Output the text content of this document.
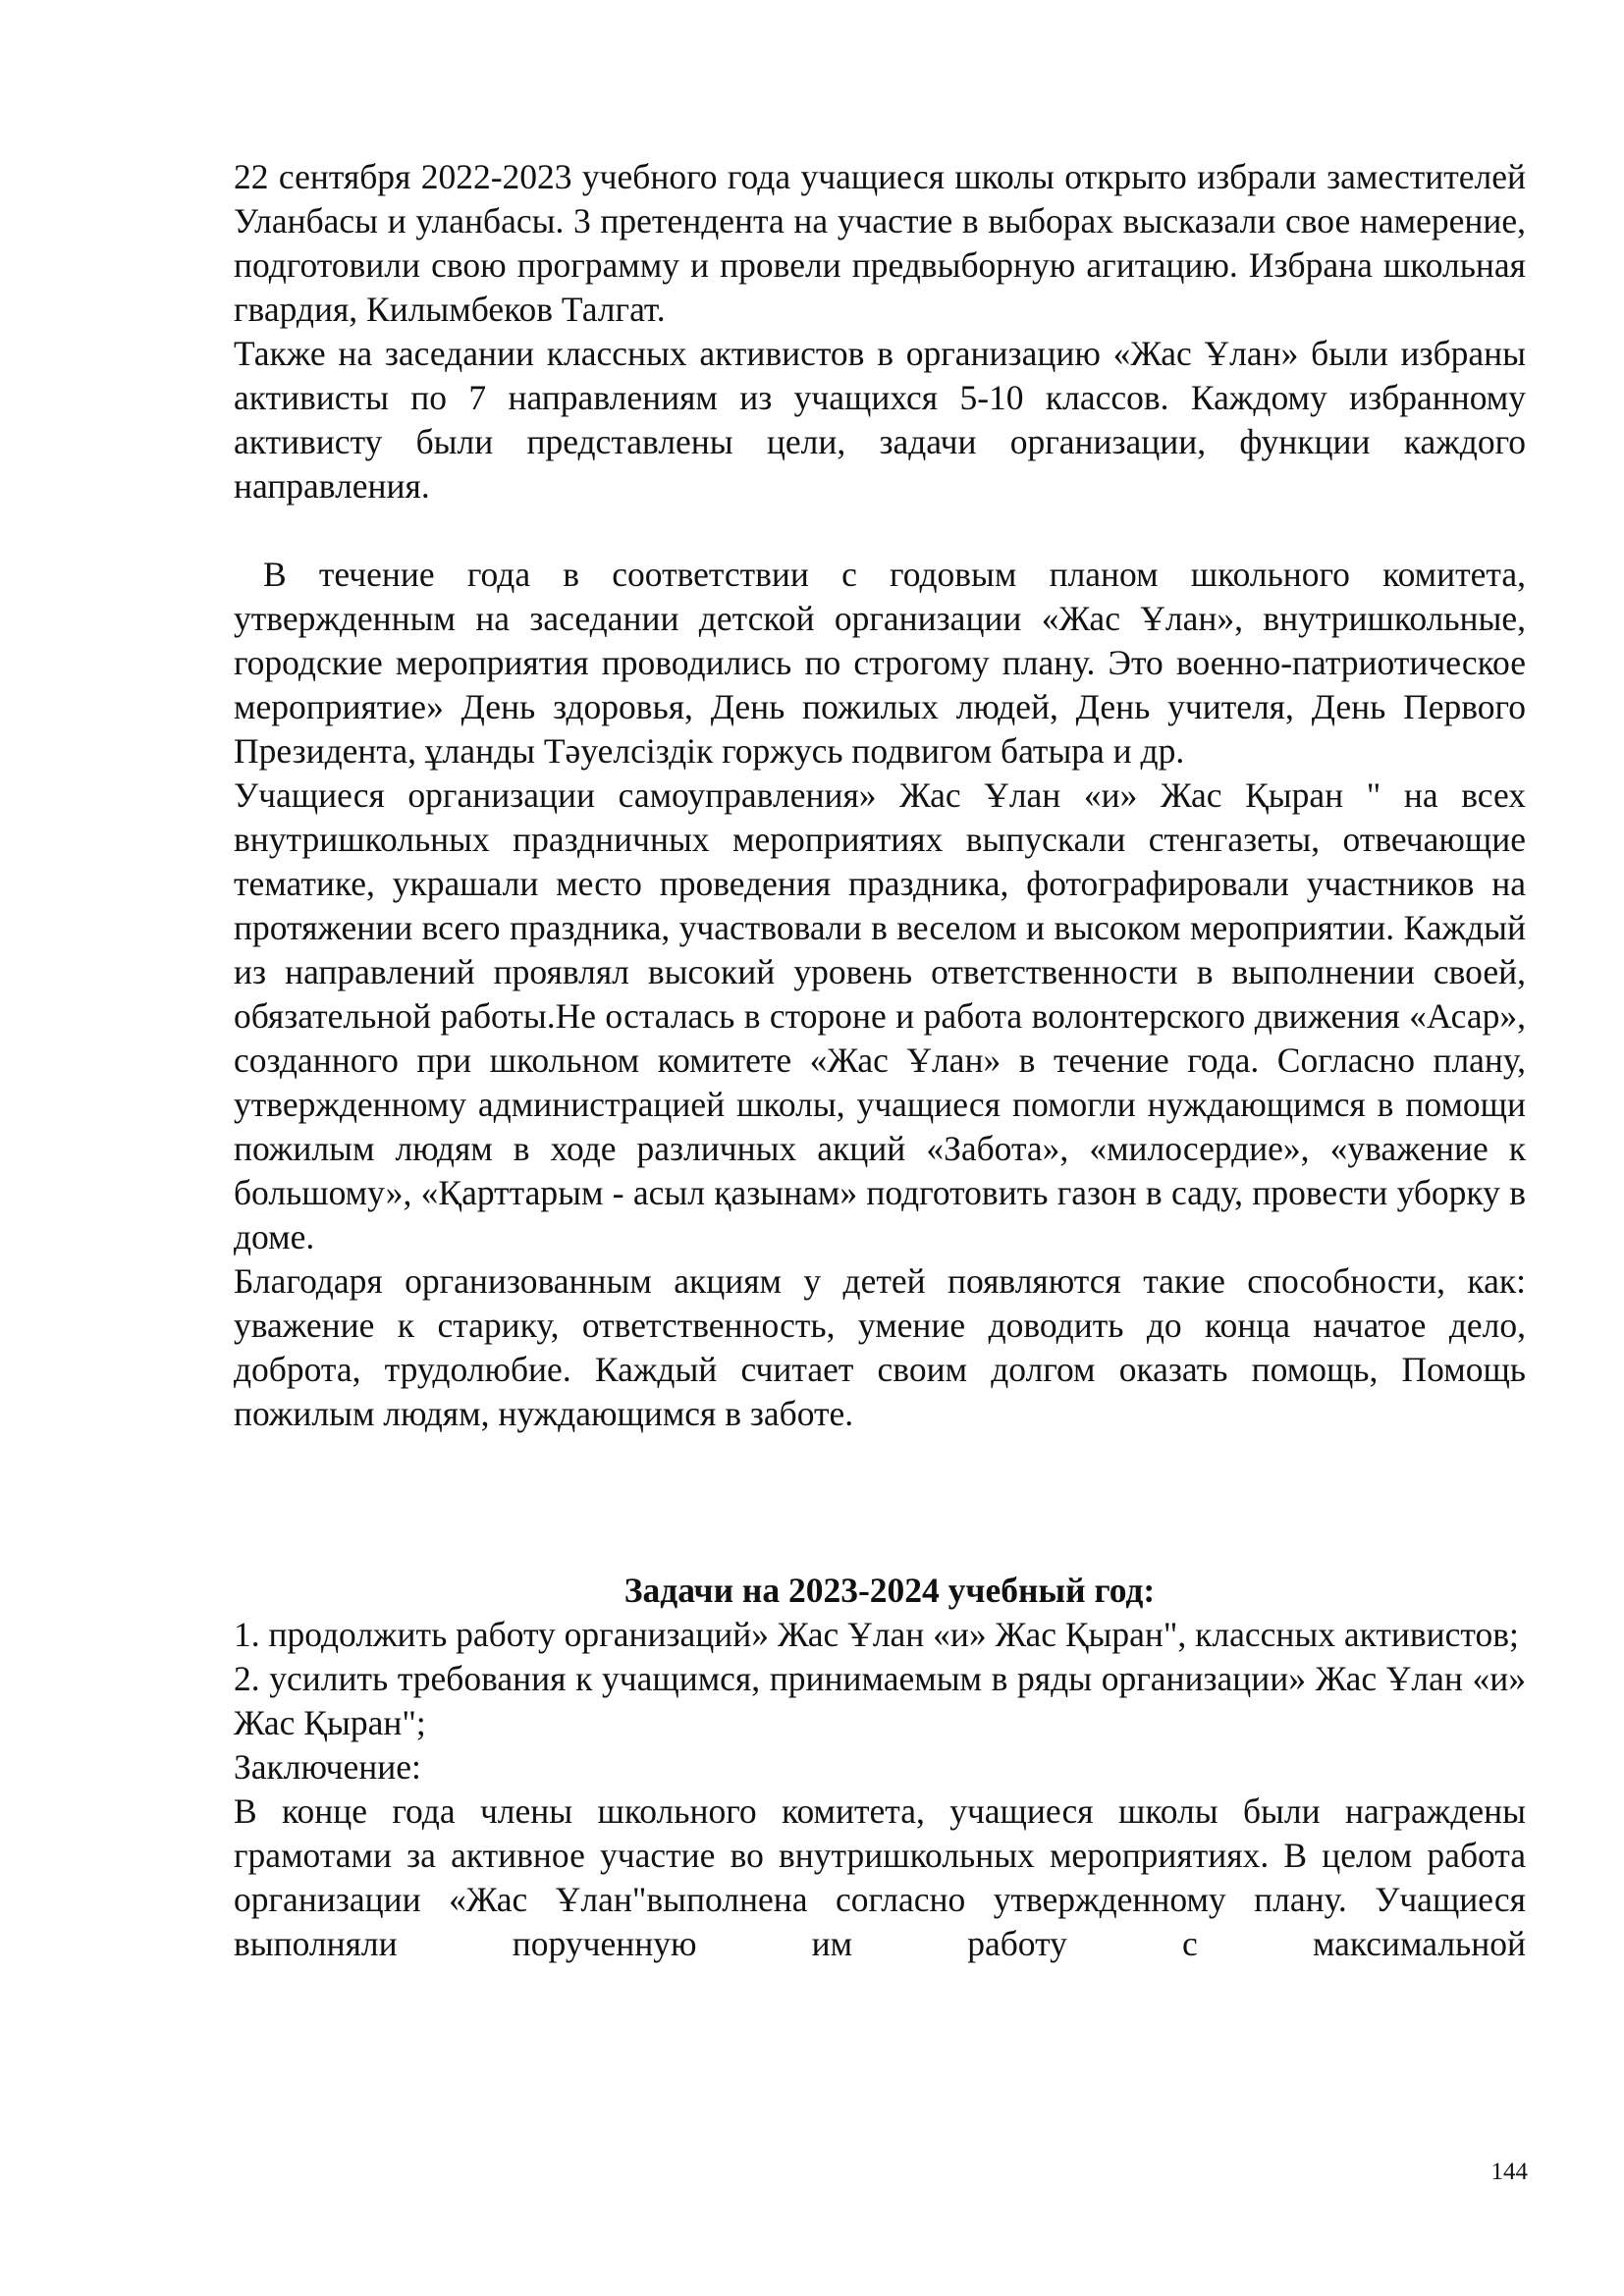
22 сентября 2022-2023 учебного года учащиеся школы открыто избрали заместителей Уланбасы и уланбасы. 3 претендента на участие в выборах высказали свое намерение, подготовили свою программу и провели предвыборную агитацию. Избрана школьная гвардия, Килымбеков Талгат.

Также на заседании классных активистов в организацию «Жас Ұлан» были избраны активисты по 7 направлениям из учащихся 5-10 классов. Каждому избранному активисту были представлены цели, задачи организации, функции каждого направления.

В течение года в соответствии с годовым планом школьного комитета, утвержденным на заседании детской организации «Жас Ұлан», внутришкольные, городские мероприятия проводились по строгому плану. Это военно-патриотическое мероприятие» День здоровья, День пожилых людей, День учителя, День Первого Президента, ұланды Тәуелсіздік горжусь подвигом батыра и др.

Учащиеся организации самоуправления» Жас Ұлан «и» Жас Қыран " на всех внутришкольных праздничных мероприятиях выпускали стенгазеты, отвечающие тематике, украшали место проведения праздника, фотографировали участников на протяжении всего праздника, участвовали в веселом и высоком мероприятии. Каждый из направлений проявлял высокий уровень ответственности в выполнении своей, обязательной работы.Не осталась в стороне и работа волонтерского движения «Асар», созданного при школьном комитете «Жас Ұлан» в течение года. Согласно плану, утвержденному администрацией школы, учащиеся помогли нуждающимся в помощи пожилым людям в ходе различных акций «Забота», «милосердие», «уважение к большому», «Қарттарым - асыл қазынам» подготовить газон в саду, провести уборку в доме.

Благодаря организованным акциям у детей появляются такие способности, как: уважение к старику, ответственность, умение доводить до конца начатое дело, доброта, трудолюбие. Каждый считает своим долгом оказать помощь, Помощь пожилым людям, нуждающимся в заботе.

Задачи на 2023-2024 учебный год:

1. продолжить работу организаций» Жас Ұлан «и» Жас Қыран", классных активистов;

2. усилить требования к учащимся, принимаемым в ряды организации» Жас Ұлан «и» Жас Қыран";

Заключение:

В конце года члены школьного комитета, учащиеся школы были награждены грамотами за активное участие во внутришкольных мероприятиях. В целом работа организации «Жас Ұлан"выполнена согласно утвержденному плану. Учащиеся выполняли порученную им работу с максимальной

144
